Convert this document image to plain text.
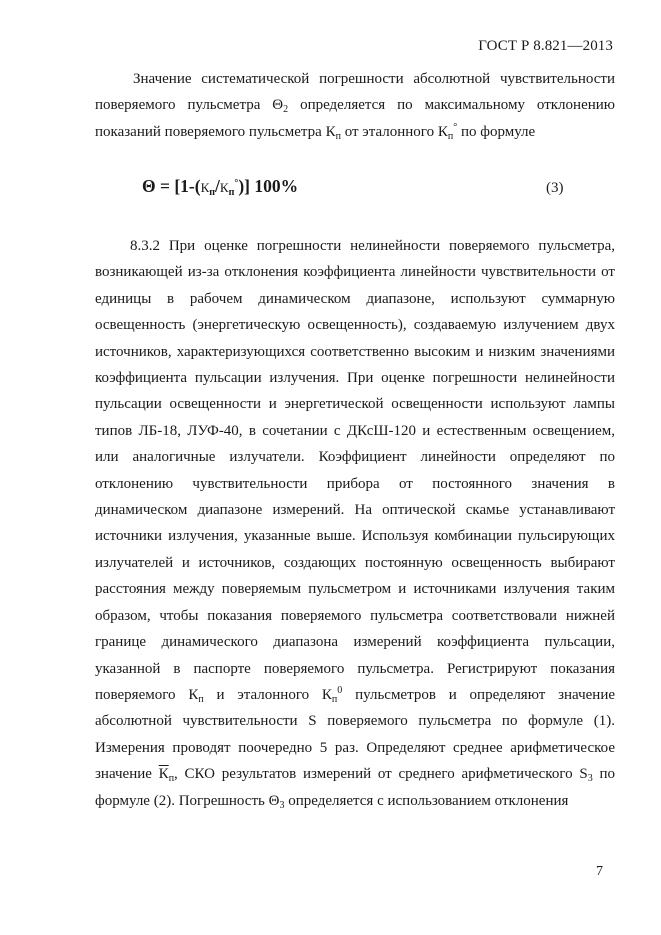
ГОСТ Р 8.821—2013
Значение систематической погрешности абсолютной чувствительности поверяемого пульсметра $\Theta_2$ определяется по максимальному отклонению показаний поверяемого пульсметра $К_п$ от эталонного $К_п^\circ$ по формуле
$\Theta = [1-(К_п/К_п^\circ)]$ 100%	(3)
8.3.2 При оценке погрешности нелинейности поверяемого пульсметра, возникающей из-за отклонения коэффициента линейности чувствительности от единицы в рабочем динамическом диапазоне, используют суммарную освещенность (энергетическую освещенность), создаваемую излучением двух источников, характеризующихся соответственно высоким и низким значениями коэффициента пульсации излучения. При оценке погрешности нелинейности пульсации освещенности и энергетической освещенности используют лампы типов ЛБ-18, ЛУФ-40, в сочетании с ДКсШ-120 и естественным освещением, или аналогичные излучатели. Коэффициент линейности определяют по отклонению чувствительности прибора от постоянного значения в динамическом диапазоне измерений. На оптической скамье устанавливают источники излучения, указанные выше. Используя комбинации пульсирующих излучателей и источников, создающих постоянную освещенность выбирают расстояния между поверяемым пульсметром и источниками излучения таким образом, чтобы показания поверяемого пульсметра соответствовали нижней границе динамического диапазона измерений коэффициента пульсации, указанной в паспорте поверяемого пульсметра. Регистрируют показания поверяемого $К_п$ и эталонного $К_п^0$ пульсметров и определяют значение абсолютной чувствительности S поверяемого пульсметра по формуле (1). Измерения проводят поочередно 5 раз. Определяют среднее арифметическое значение $К_п$, СКО результатов измерений от среднего арифметического $S_3$ по формуле (2). Погрешность $\Theta_3$ определяется с использованием отклонения
7
